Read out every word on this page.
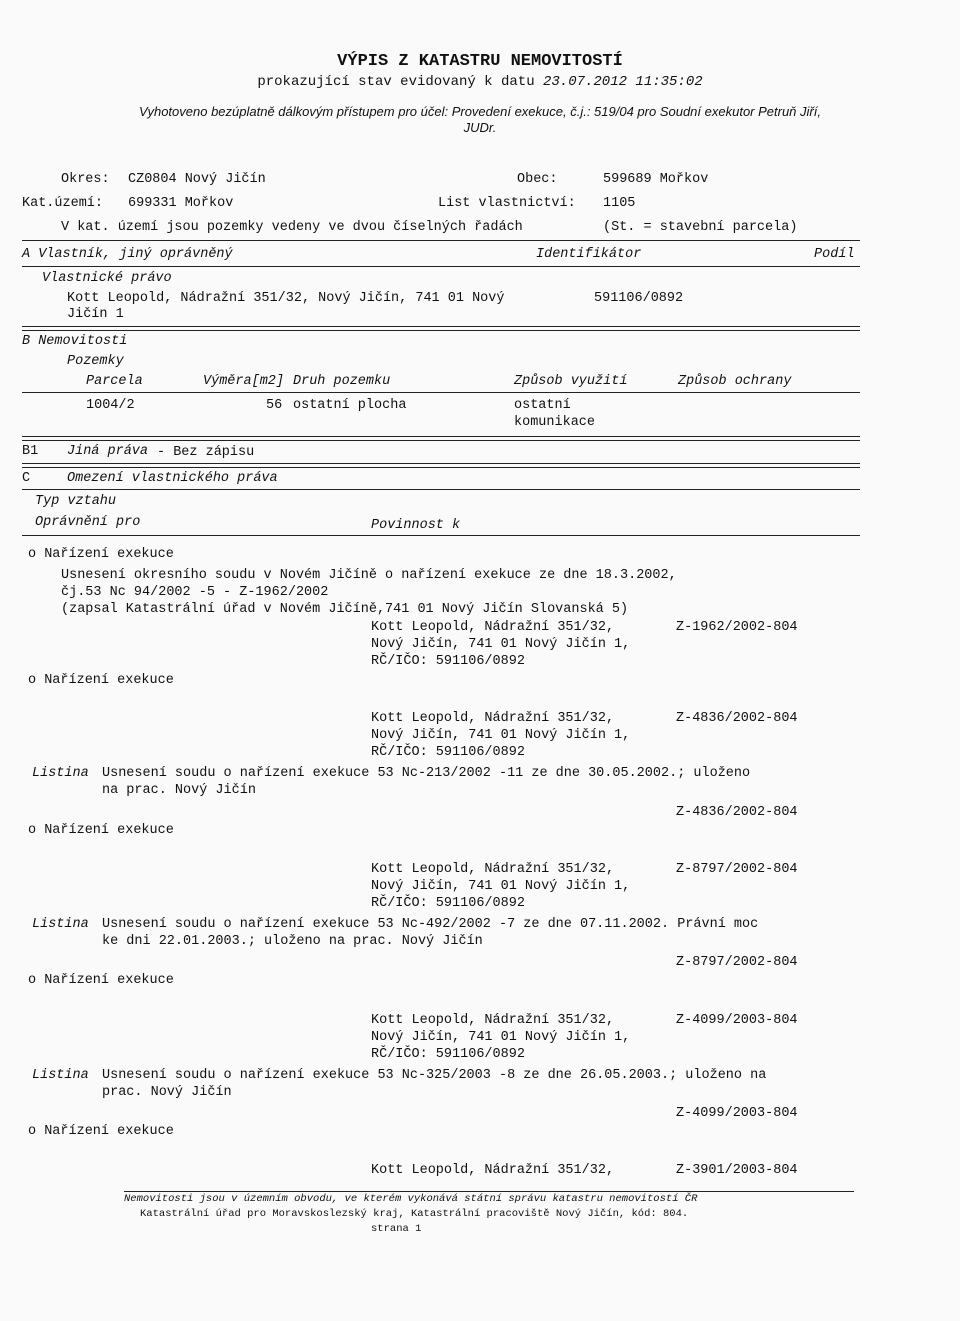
VÝPIS Z KATASTRU NEMOVITOSTÍ
prokazující stav evidovaný k datu 23.07.2012 11:35:02
Vyhotoveno bezúplatně dálkovým přístupem pro účel: Provedení exekuce, č.j.: 519/04 pro Soudní exekutor Petruň Jiří,
JUDr.
Okres: CZ0804 Nový Jičín	Obec:	599689 Mořkov
Kat.území: 699331 Mořkov	List vlastnictví: 1105
V kat. území jsou pozemky vedeny ve dvou číselných řadách	(St. = stavební parcela)
A Vlastník, jiný oprávněný	Identifikátor	Podíl
Vlastnické právo
Kott Leopold, Nádražní 351/32, Nový Jičín, 741 01 Nový
Jičín 1
591106/0892
B Nemovitosti
Pozemky
Parcela	Výměra[m2] Druh pozemku	Způsob využití	Způsob ochrany
1004/2	56 ostatní plocha	ostatní
komunikace
B1 Jiná práva - Bez zápisu
C	Omezení vlastnického práva
Typ vztahu
Oprávnění pro	Povinnost k
o Nařízení exekuce
Usnesení okresního soudu v Novém Jičíně o nařízení exekuce ze dne 18.3.2002,
čj.53 Nc 94/2002 -5 - Z-1962/2002
(zapsal Katastrální úřad v Novém Jičíně,741 01 Nový Jičín Slovanská 5)
Kott Leopold, Nádražní 351/32,
Nový Jičín, 741 01 Nový Jičín 1,
RČ/IČO: 591106/0892
Z-1962/2002-804
o Nařízení exekuce
Kott Leopold, Nádražní 351/32,
Nový Jičín, 741 01 Nový Jičín 1,
RČ/IČO: 591106/0892
Z-4836/2002-804
Listina Usnesení soudu o nařízení exekuce 53 Nc-213/2002 -11 ze dne 30.05.2002.; uloženo
na prac. Nový Jičín
Z-4836/2002-804
o Nařízení exekuce
Kott Leopold, Nádražní 351/32,
Nový Jičín, 741 01 Nový Jičín 1,
RČ/IČO: 591106/0892
Z-8797/2002-804
Listina Usnesení soudu o nařízení exekuce 53 Nc-492/2002 -7 ze dne 07.11.2002. Právní moc
ke dni 22.01.2003.; uloženo na prac. Nový Jičín
Z-8797/2002-804
o Nařízení exekuce
Kott Leopold, Nádražní 351/32,
Nový Jičín, 741 01 Nový Jičín 1,
RČ/IČO: 591106/0892
Z-4099/2003-804
Listina Usnesení soudu o nařízení exekuce 53 Nc-325/2003 -8 ze dne 26.05.2003.; uloženo na
prac. Nový Jičín
Z-4099/2003-804
o Nařízení exekuce
Kott Leopold, Nádražní 351/32,	Z-3901/2003-804
Nemovitosti jsou v územním obvodu, ve kterém vykonává státní správu katastru nemovitostí ČR
Katastrální úřad pro Moravskoslezský kraj, Katastrální pracoviště Nový Jičín, kód: 804.
strana 1
